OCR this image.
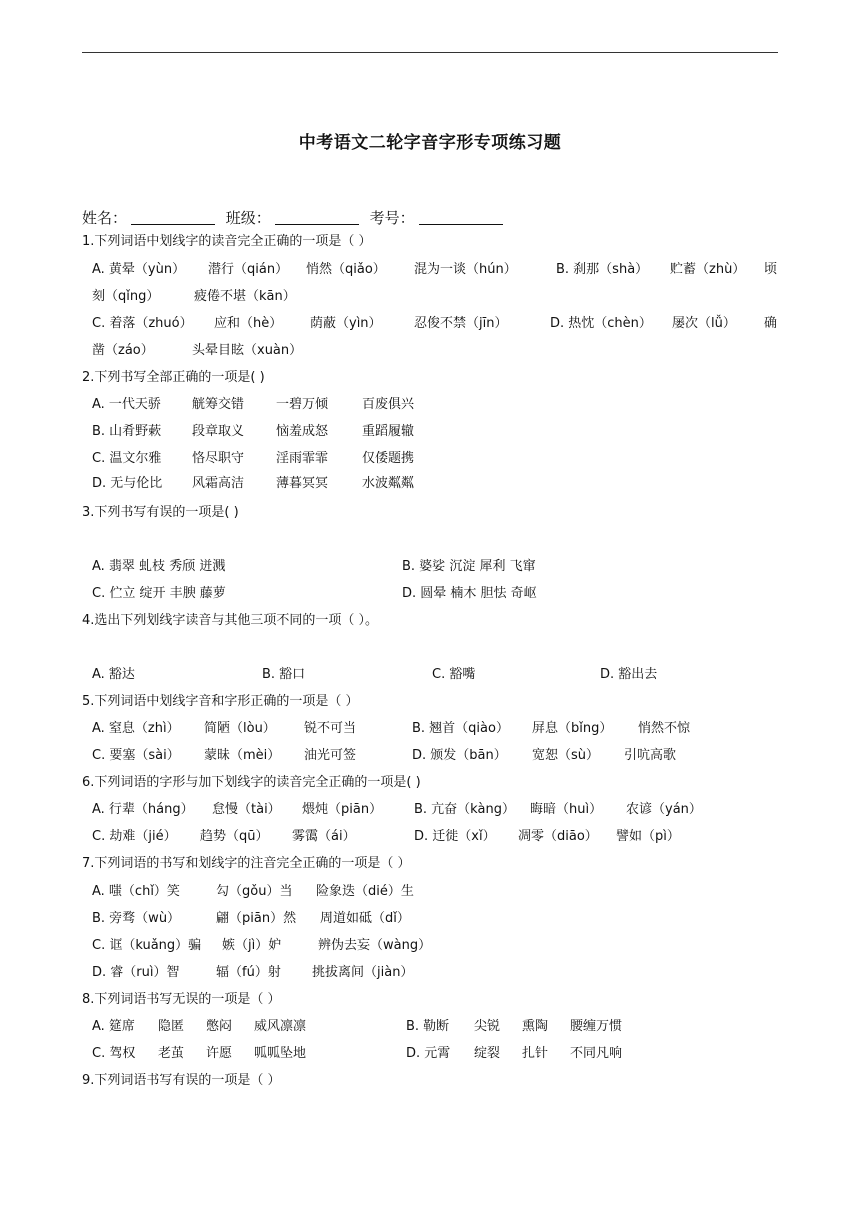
中考语文二轮字音字形专项练习题
姓名：	班级：	考号：
1.下列词语中划线字的读音完全正确的一项是（ ）
A. 黄晕（yùn） 潜行（qián） 悄然（qiǎo） 混为一谈（hún）	B. 刹那（shà） 贮蓄（zhù） 顷
刻（qǐng）	疲倦不堪（kān）
C. 着落（zhuó） 应和（hè） 荫蔽（yìn） 忍俊不禁（jīn）	D. 热忱（chèn） 屡次（lǚ） 确
凿（záo）	头晕目眩（xuàn）
2.下列书写全部正确的一项是( )
A. 一代天骄 觥筹交错 一碧万倾	百废俱兴
B. 山肴野蔌 段章取义 恼羞成怒	重蹈履辙
C. 温文尔雅 恪尽职守 淫雨霏霏	仅倭题携
D. 无与伦比 风霜高洁 薄暮冥冥	水波粼粼
3.下列书写有误的一项是( )
A. 翡翠 虬枝 秀颀 迸溅	B. 婆娑 沉淀 犀利 飞窜
C. 伫立 绽开 丰腴 藤萝	D. 圆晕 楠木 胆怯 奇岖
4.选出下列划线字读音与其他三项不同的一项（ ）。
A. 豁达	B. 豁口	C. 豁嘴	D. 豁出去
5.下列词语中划线字音和字形正确的一项是（ ）
A. 窒息（zhì） 简陋（lòu） 锐不可当	B. 翘首（qiào） 屏息（bǐng） 悄然不惊
C. 要塞（sài） 蒙昧（mèi） 油光可签	D. 颁发（bān） 宽恕（sù） 引吭高歌
6.下列词语的字形与加下划线字的读音完全正确的一项是( )
A. 行辈（háng） 怠慢（tài） 煨炖（piān） B. 亢奋（kàng） 晦暗（huì） 农谚（yán）
C. 劫难（jié） 趋势（qū） 雾霭（ái）	D. 迁徙（xǐ） 凋零（diāo） 譬如（pì）
7.下列词语的书写和划线字的注音完全正确的一项是（ ）
A. 嗤（chǐ）笑	勾（gǒu）当 险象迭（dié）生
B. 旁骛（wù）	翩（piān）然 周道如砥（dǐ）
C. 诓（kuǎng）骗 嫉（jì）妒	辨伪去妄（wàng）
D. 睿（ruì）智	辐（fú）射 挑拔离间（jiàn）
8.下列词语书写无误的一项是（ ）
A. 筵席 隐匿 憋闷 威风凛凛	B. 勒断 尖锐 熏陶 腰缠万惯
C. 驾权 老茧 许愿 呱呱坠地	D. 元霄 绽裂 扎针 不同凡响
9.下列词语书写有误的一项是（ ）
